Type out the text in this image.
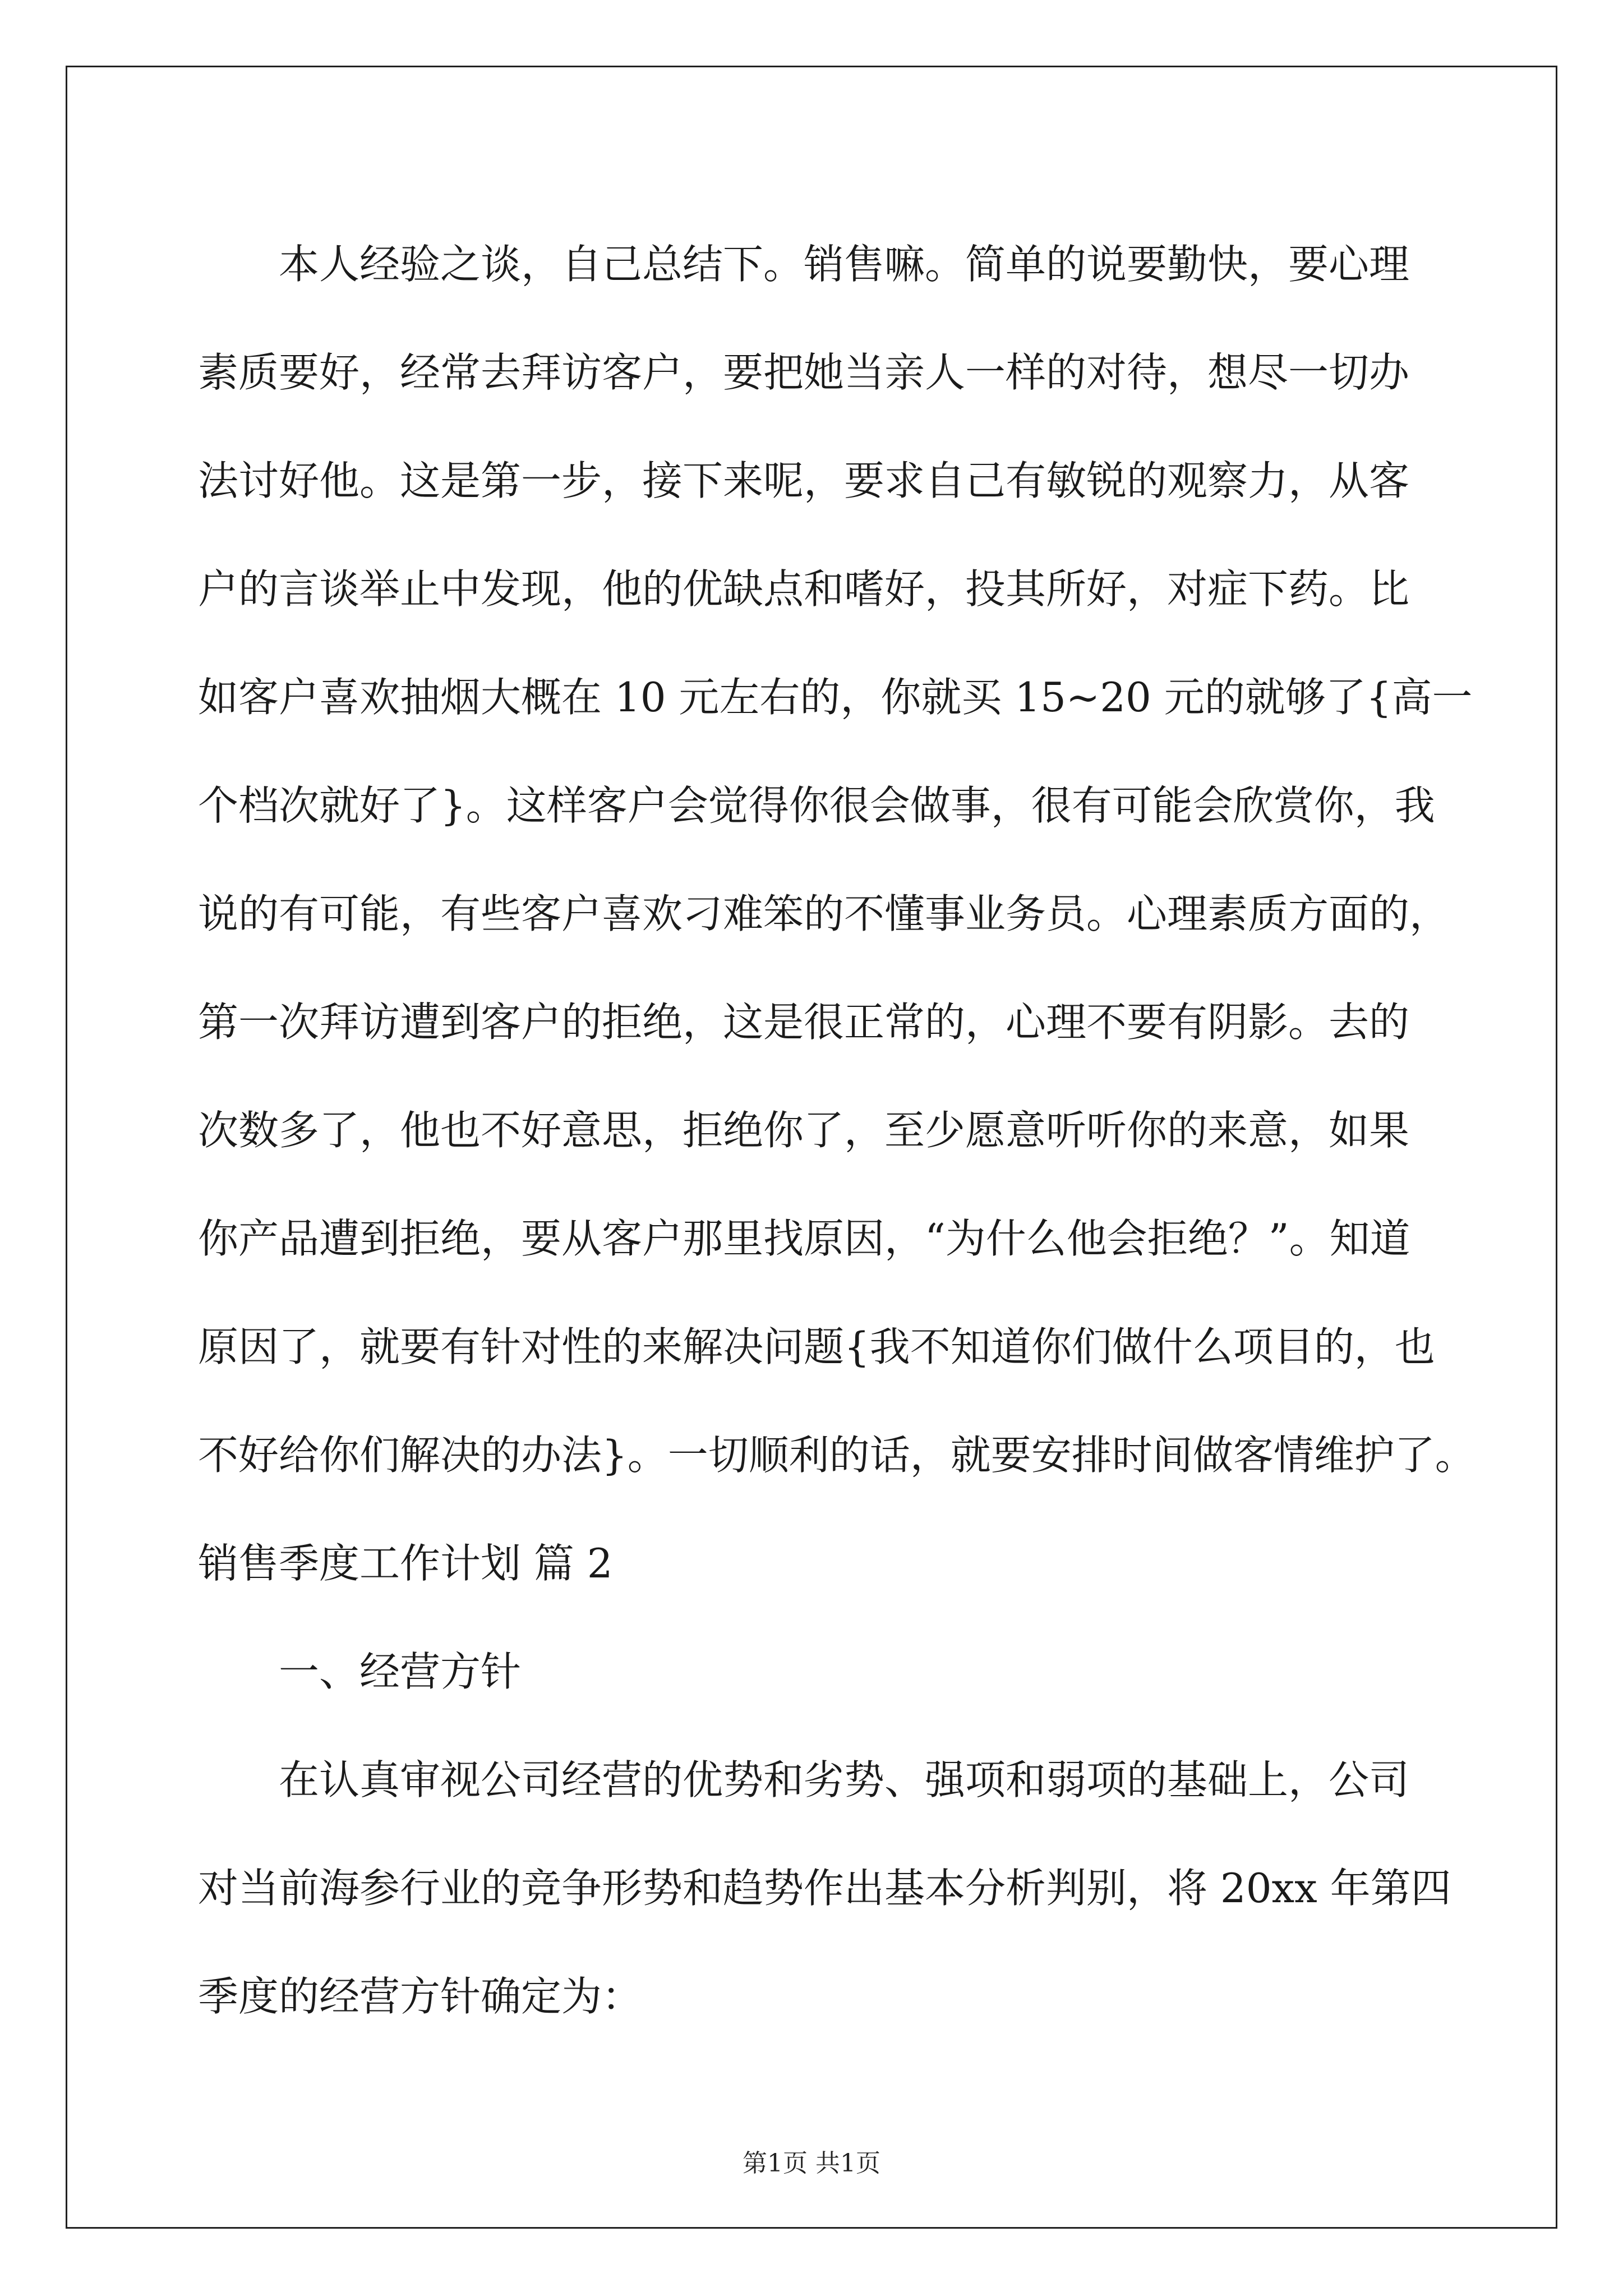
本人经验之谈，自己总结下。销售嘛。简单的说要勤快，要心理
素质要好，经常去拜访客户，要把她当亲人一样的对待，想尽一切办
法讨好他。这是第一步，接下来呢，要求自己有敏锐的观察力，从客
户的言谈举止中发现，他的优缺点和嗜好，投其所好，对症下药。比
如客户喜欢抽烟大概在 10 元左右的，你就买 15~20 元的就够了{高一
个档次就好了}。这样客户会觉得你很会做事，很有可能会欣赏你，我
说的有可能，有些客户喜欢刁难笨的不懂事业务员。心理素质方面的，
第一次拜访遭到客户的拒绝，这是很正常的，心理不要有阴影。去的
次数多了，他也不好意思，拒绝你了，至少愿意听听你的来意，如果
你产品遭到拒绝，要从客户那里找原因，“为什么他会拒绝？”。知道
原因了，就要有针对性的来解决问题{我不知道你们做什么项目的，也
不好给你们解决的办法}。一切顺利的话，就要安排时间做客情维护了。
销售季度工作计划 篇 2
一、经营方针
在认真审视公司经营的优势和劣势、强项和弱项的基础上，公司
对当前海参行业的竞争形势和趋势作出基本分析判别，将 20xx 年第四
季度的经营方针确定为：
第1页 共1页
